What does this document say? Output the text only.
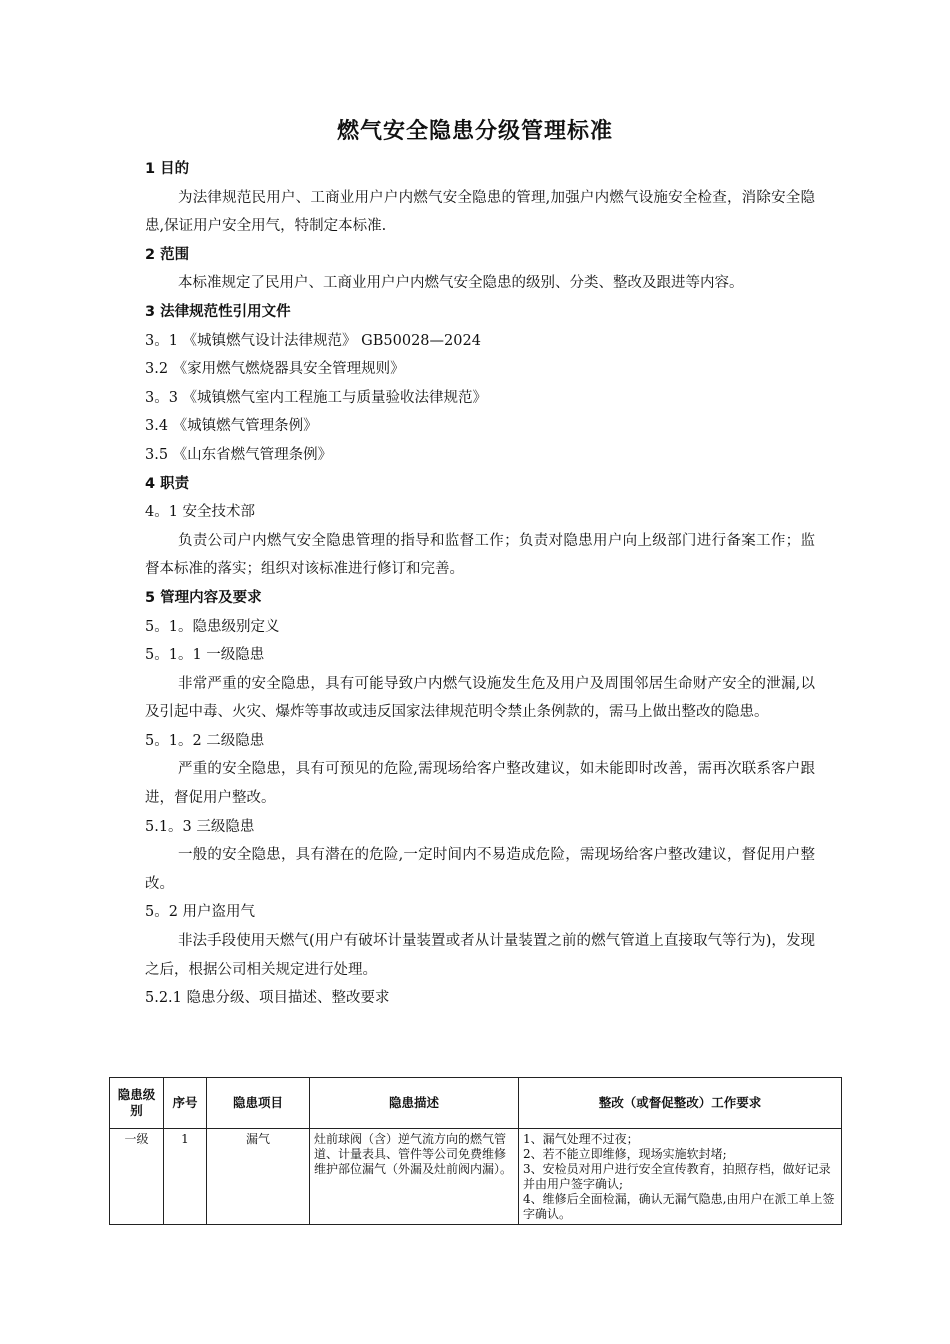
燃气安全隐患分级管理标准

1 目的

为法律规范民用户、工商业用户户内燃气安全隐患的管理,加强户内燃气设施安全检查，消除安全隐患,保证用户安全用气，特制定本标准.

2 范围

本标准规定了民用户、工商业用户户内燃气安全隐患的级别、分类、整改及跟进等内容。

3 法律规范性引用文件

3。1 《城镇燃气设计法律规范》 GB50028—2024

3.2 《家用燃气燃烧器具安全管理规则》

3。3 《城镇燃气室内工程施工与质量验收法律规范》

3.4 《城镇燃气管理条例》

3.5 《山东省燃气管理条例》

4 职责

4。1 安全技术部

负责公司户内燃气安全隐患管理的指导和监督工作；负责对隐患用户向上级部门进行备案工作；监督本标准的落实；组织对该标准进行修订和完善。

5 管理内容及要求

5。1。隐患级别定义

5。1。1 一级隐患

非常严重的安全隐患，具有可能导致户内燃气设施发生危及用户及周围邻居生命财产安全的泄漏,以及引起中毒、火灾、爆炸等事故或违反国家法律规范明令禁止条例款的，需马上做出整改的隐患。

5。1。2 二级隐患

严重的安全隐患，具有可预见的危险,需现场给客户整改建议，如未能即时改善，需再次联系客户跟进，督促用户整改。

5.1。3 三级隐患

一般的安全隐患，具有潜在的危险,一定时间内不易造成危险，需现场给客户整改建议，督促用户整改。

5。2 用户盗用气

非法手段使用天燃气(用户有破坏计量装置或者从计量装置之前的燃气管道上直接取气等行为)，发现之后，根据公司相关规定进行处理。

5.2.1 隐患分级、项目描述、整改要求

隐患级别	序号	隐患项目	隐患描述	整改（或督促整改）工作要求
一级	1	漏气	灶前球阀（含）逆气流方向的燃气管道、计量表具、管件等公司免费维修维护部位漏气（外漏及灶前阀内漏）。	1、漏气处理不过夜；
2、若不能立即维修，现场实施软封堵;
3、安检员对用户进行安全宣传教育，拍照存档，做好记录并由用户签字确认;
4、维修后全面检漏，确认无漏气隐患,由用户在派工单上签字确认。
